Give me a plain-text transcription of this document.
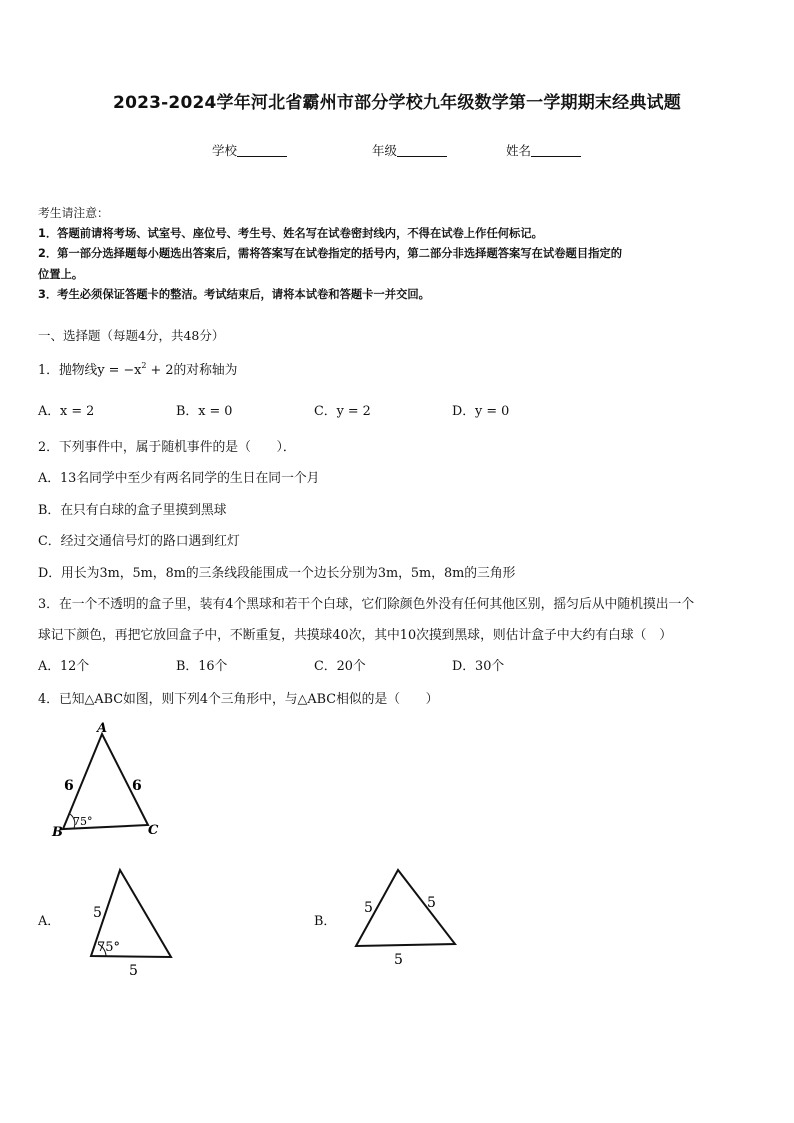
2023-2024学年河北省霸州市部分学校九年级数学第一学期期末经典试题
学校	年级	姓名
考生请注意：
1．答题前请将考场、试室号、座位号、考生号、姓名写在试卷密封线内，不得在试卷上作任何标记。
2．第一部分选择题每小题选出答案后，需将答案写在试卷指定的括号内，第二部分非选择题答案写在试卷题目指定的
位置上。
3．考生必须保证答题卡的整洁。考试结束后，请将本试卷和答题卡一并交回。
一、选择题（每题4分，共48分）
1．抛物线$y = -x^2 + 2$的对称轴为
A．x = 2	B．x = 0	C．y = 2	D．y = 0
2．下列事件中，属于随机事件的是（　　）．
A．13名同学中至少有两名同学的生日在同一个月
B．在只有白球的盒子里摸到黑球
C．经过交通信号灯的路口遇到红灯
D．用长为3m，5m，8m的三条线段能围成一个边长分别为3m，5m，8m的三角形
3．在一个不透明的盒子里，装有4个黑球和若干个白球，它们除颜色外没有任何其他区别，摇匀后从中随机摸出一个
球记下颜色，再把它放回盒子中，不断重复，共摸球40次，其中10次摸到黑球，则估计盒子中大约有白球（　）
A．12个	B．16个	C．20个	D．30个
4．已知△ABC如图，则下列4个三角形中，与△ABC相似的是（　　）
A
B	C
6	6
75°
A．
5
75°
5
B．
5	5
5
